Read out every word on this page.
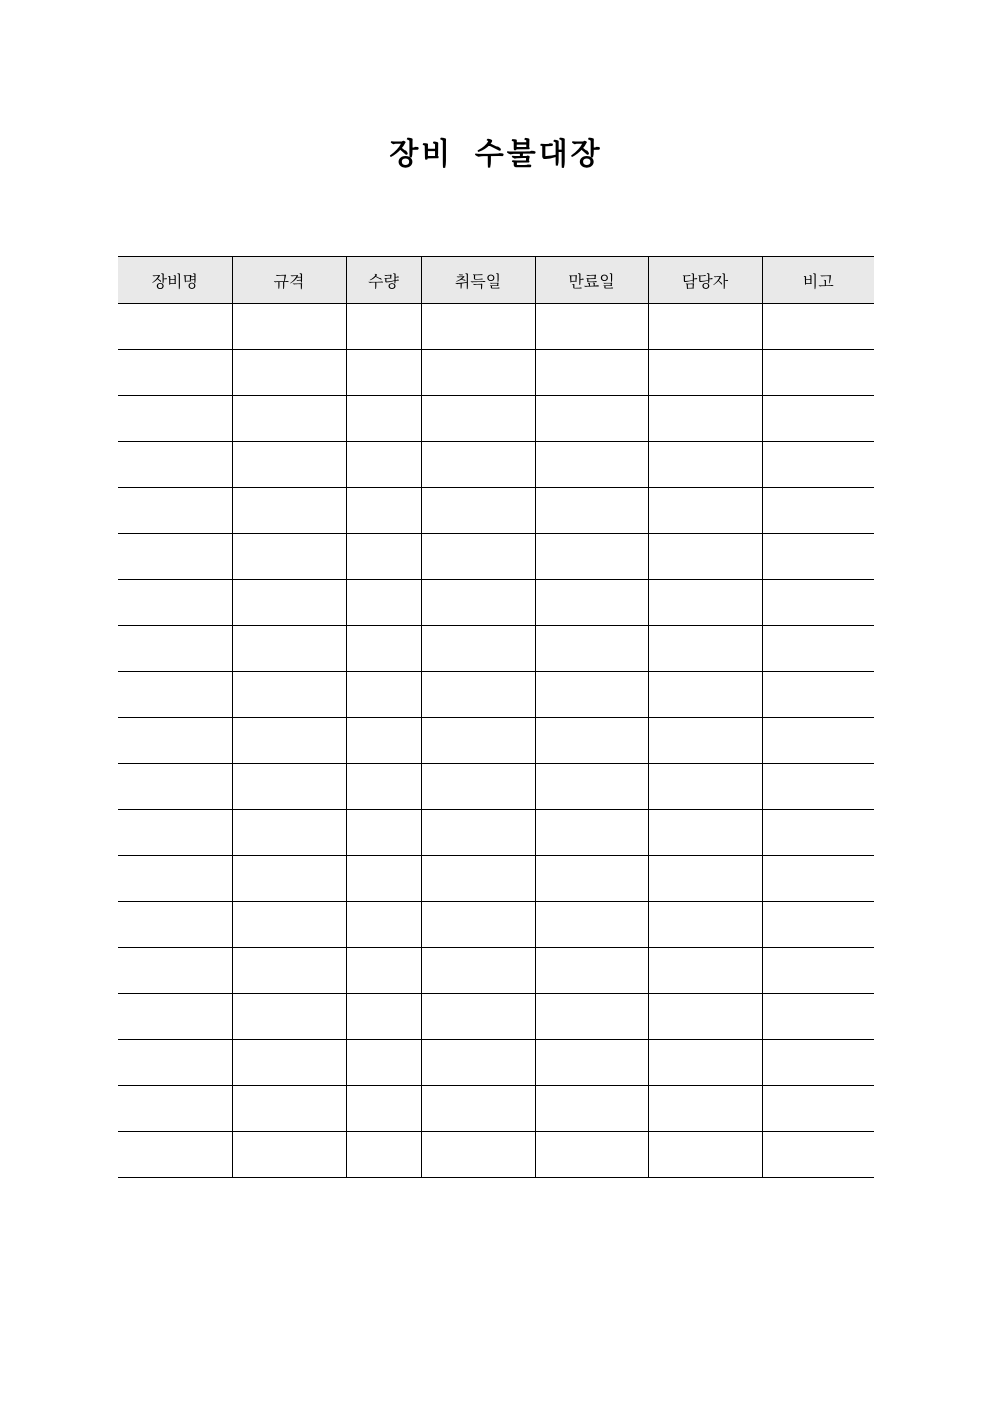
장비 수불대장
장비명	규격	수량	취득일	만료일	담당자	비고
